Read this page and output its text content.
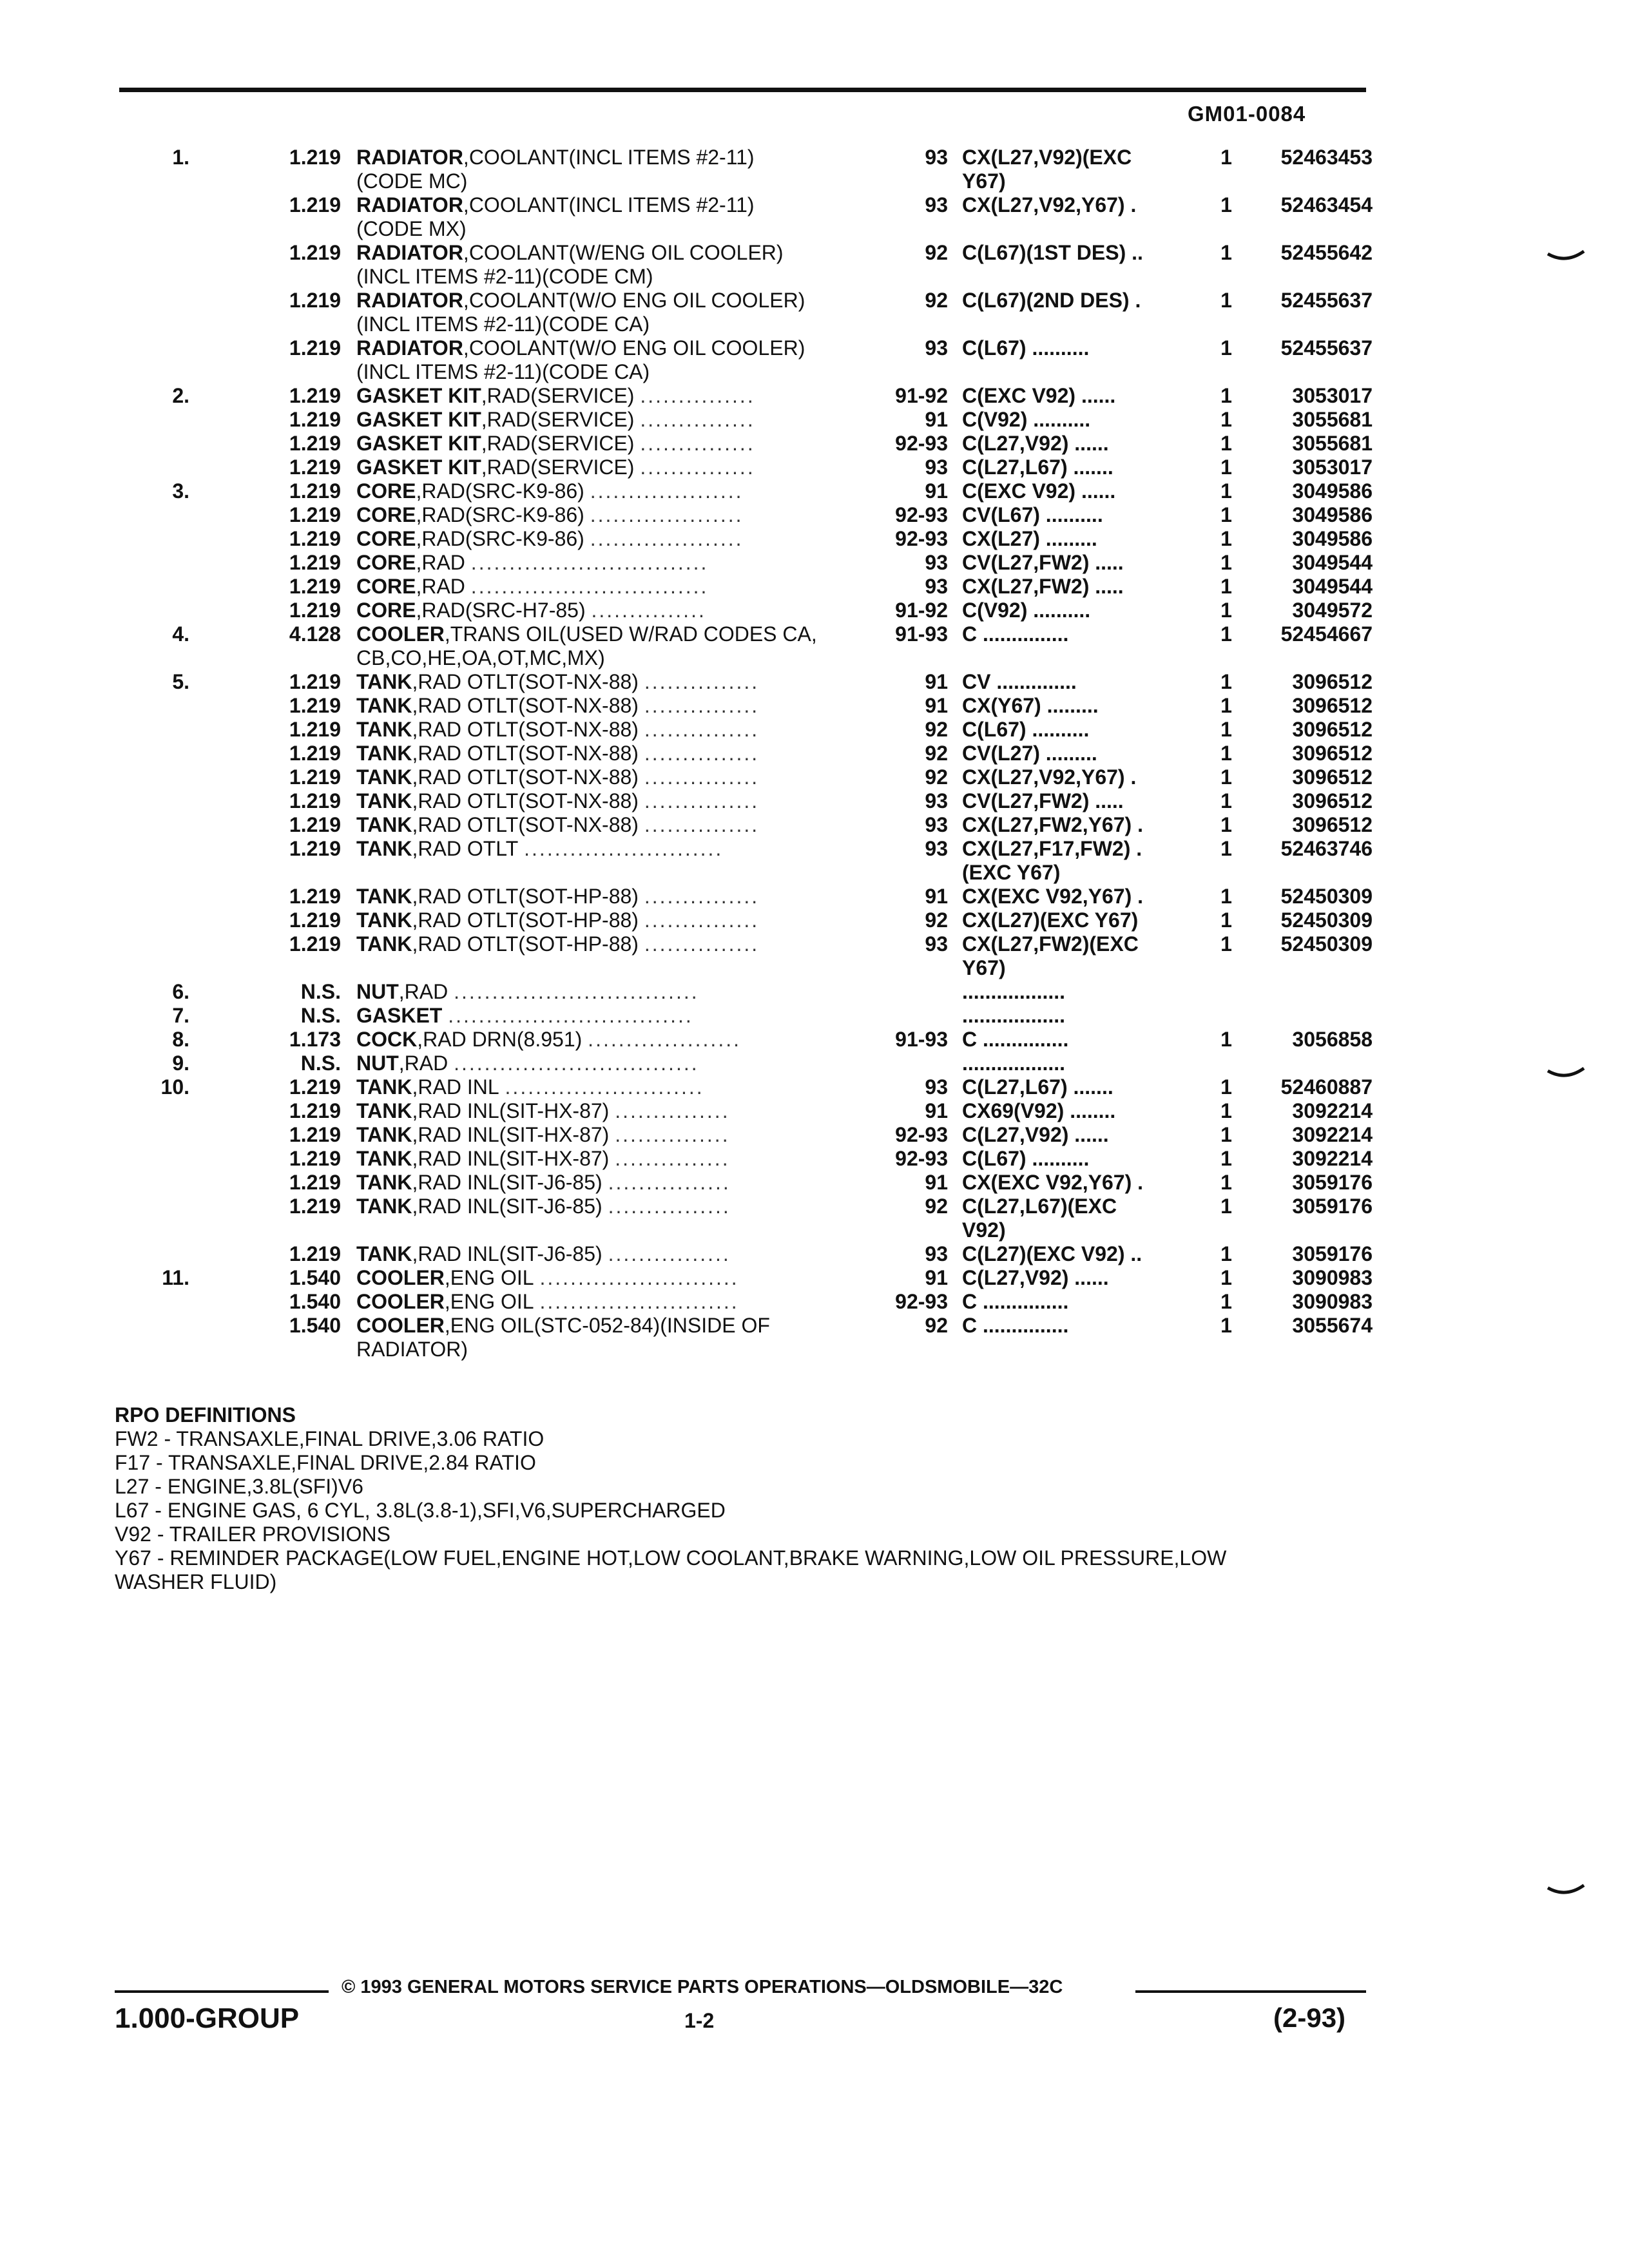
GM01-0084
1.	1.219	RADIATOR,COOLANT(INCL ITEMS #2-11)	93	CX(L27,V92)(EXC	1	52463453
		(CODE MC)		Y67)		
	1.219	RADIATOR,COOLANT(INCL ITEMS #2-11)	93	CX(L27,V92,Y67) .	1	52463454
		(CODE MX)				
	1.219	RADIATOR,COOLANT(W/ENG OIL COOLER)	92	C(L67)(1ST DES) ..	1	52455642
		(INCL ITEMS #2-11)(CODE CM)				
	1.219	RADIATOR,COOLANT(W/O ENG OIL COOLER)	92	C(L67)(2ND DES) .	1	52455637
		(INCL ITEMS #2-11)(CODE CA)				
	1.219	RADIATOR,COOLANT(W/O ENG OIL COOLER)	93	C(L67) ..........	1	52455637
		(INCL ITEMS #2-11)(CODE CA)				
2.	1.219	GASKET KIT,RAD(SERVICE) ...............	91-92	C(EXC V92) ......	1	3053017
	1.219	GASKET KIT,RAD(SERVICE) ...............	91	C(V92) ..........	1	3055681
	1.219	GASKET KIT,RAD(SERVICE) ...............	92-93	C(L27,V92) ......	1	3055681
	1.219	GASKET KIT,RAD(SERVICE) ...............	93	C(L27,L67) .......	1	3053017
3.	1.219	CORE,RAD(SRC-K9-86) ....................	91	C(EXC V92) ......	1	3049586
	1.219	CORE,RAD(SRC-K9-86) ....................	92-93	CV(L67) ..........	1	3049586
	1.219	CORE,RAD(SRC-K9-86) ....................	92-93	CX(L27) .........	1	3049586
	1.219	CORE,RAD ...............................	93	CV(L27,FW2) .....	1	3049544
	1.219	CORE,RAD ...............................	93	CX(L27,FW2) .....	1	3049544
	1.219	CORE,RAD(SRC-H7-85) ...............	91-92	C(V92) ..........	1	3049572
4.	4.128	COOLER,TRANS OIL(USED W/RAD CODES CA,	91-93	C ...............	1	52454667
		CB,CO,HE,OA,OT,MC,MX)				
5.	1.219	TANK,RAD OTLT(SOT-NX-88) ...............	91	CV ..............	1	3096512
	1.219	TANK,RAD OTLT(SOT-NX-88) ...............	91	CX(Y67) .........	1	3096512
	1.219	TANK,RAD OTLT(SOT-NX-88) ...............	92	C(L67) ..........	1	3096512
	1.219	TANK,RAD OTLT(SOT-NX-88) ...............	92	CV(L27) .........	1	3096512
	1.219	TANK,RAD OTLT(SOT-NX-88) ...............	92	CX(L27,V92,Y67) .	1	3096512
	1.219	TANK,RAD OTLT(SOT-NX-88) ...............	93	CV(L27,FW2) .....	1	3096512
	1.219	TANK,RAD OTLT(SOT-NX-88) ...............	93	CX(L27,FW2,Y67) .	1	3096512
	1.219	TANK,RAD OTLT ..........................	93	CX(L27,F17,FW2) .	1	52463746
				(EXC Y67)		
	1.219	TANK,RAD OTLT(SOT-HP-88) ...............	91	CX(EXC V92,Y67) .	1	52450309
	1.219	TANK,RAD OTLT(SOT-HP-88) ...............	92	CX(L27)(EXC Y67)	1	52450309
	1.219	TANK,RAD OTLT(SOT-HP-88) ...............	93	CX(L27,FW2)(EXC	1	52450309
				Y67)		
6.	N.S.	NUT,RAD ................................		..................		
7.	N.S.	GASKET ................................		..................		
8.	1.173	COCK,RAD DRN(8.951) ....................	91-93	C ...............	1	3056858
9.	N.S.	NUT,RAD ................................		..................		
10.	1.219	TANK,RAD INL ..........................	93	C(L27,L67) .......	1	52460887
	1.219	TANK,RAD INL(SIT-HX-87) ...............	91	CX69(V92) ........	1	3092214
	1.219	TANK,RAD INL(SIT-HX-87) ...............	92-93	C(L27,V92) ......	1	3092214
	1.219	TANK,RAD INL(SIT-HX-87) ...............	92-93	C(L67) ..........	1	3092214
	1.219	TANK,RAD INL(SIT-J6-85) ................	91	CX(EXC V92,Y67) .	1	3059176
	1.219	TANK,RAD INL(SIT-J6-85) ................	92	C(L27,L67)(EXC	1	3059176
				V92)		
	1.219	TANK,RAD INL(SIT-J6-85) ................	93	C(L27)(EXC V92) ..	1	3059176
11.	1.540	COOLER,ENG OIL ..........................	91	C(L27,V92) ......	1	3090983
	1.540	COOLER,ENG OIL ..........................	92-93	C ...............	1	3090983
	1.540	COOLER,ENG OIL(STC-052-84)(INSIDE OF	92	C ...............	1	3055674
		RADIATOR)				
RPO DEFINITIONS
FW2 - TRANSAXLE,FINAL DRIVE,3.06 RATIO
F17 - TRANSAXLE,FINAL DRIVE,2.84 RATIO
L27 - ENGINE,3.8L(SFI)V6
L67 - ENGINE GAS, 6 CYL, 3.8L(3.8-1),SFI,V6,SUPERCHARGED
V92 - TRAILER PROVISIONS
Y67 - REMINDER PACKAGE(LOW FUEL,ENGINE HOT,LOW COOLANT,BRAKE WARNING,LOW OIL PRESSURE,LOW
WASHER FLUID)
© 1993 GENERAL MOTORS SERVICE PARTS OPERATIONS—OLDSMOBILE—32C
1.000-GROUP	1-2	(2-93)
